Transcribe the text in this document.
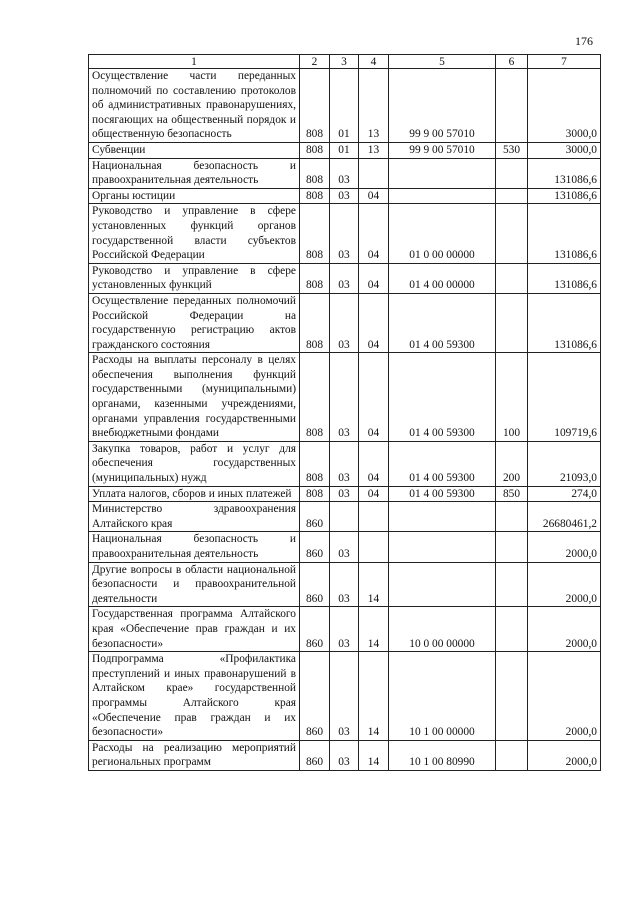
176
1	2	3	4	5	6	7
Осуществление части переданных полномочий по составлению протоколов об административных правонарушениях, посягающих на общественный порядок и общественную безопасность	808	01	13	99 9 00 57010		3000,0
Субвенции	808	01	13	99 9 00 57010	530	3000,0
Национальная безопасность и правоохранительная деятельность	808	03				131086,6
Органы юстиции	808	03	04			131086,6
Руководство и управление в сфере установленных функций органов государственной власти субъектов Российской Федерации	808	03	04	01 0 00 00000		131086,6
Руководство и управление в сфере установленных функций	808	03	04	01 4 00 00000		131086,6
Осуществление переданных полномочий Российской Федерации на государственную регистрацию актов гражданского состояния	808	03	04	01 4 00 59300		131086,6
Расходы на выплаты персоналу в целях обеспечения выполнения функций государственными (муниципальными) органами, казенными учреждениями, органами управления государственными внебюджетными фондами	808	03	04	01 4 00 59300	100	109719,6
Закупка товаров, работ и услуг для обеспечения государственных (муниципальных) нужд	808	03	04	01 4 00 59300	200	21093,0
Уплата налогов, сборов и иных платежей	808	03	04	01 4 00 59300	850	274,0
Министерство здравоохранения Алтайского края	860					26680461,2
Национальная безопасность и правоохранительная деятельность	860	03				2000,0
Другие вопросы в области национальной безопасности и правоохранительной деятельности	860	03	14			2000,0
Государственная программа Алтайского края «Обеспечение прав граждан и их безопасности»	860	03	14	10 0 00 00000		2000,0
Подпрограмма «Профилактика преступлений и иных правонарушений в Алтайском крае» государственной программы Алтайского края «Обеспечение прав граждан и их безопасности»	860	03	14	10 1 00 00000		2000,0
Расходы на реализацию мероприятий региональных программ	860	03	14	10 1 00 80990		2000,0
